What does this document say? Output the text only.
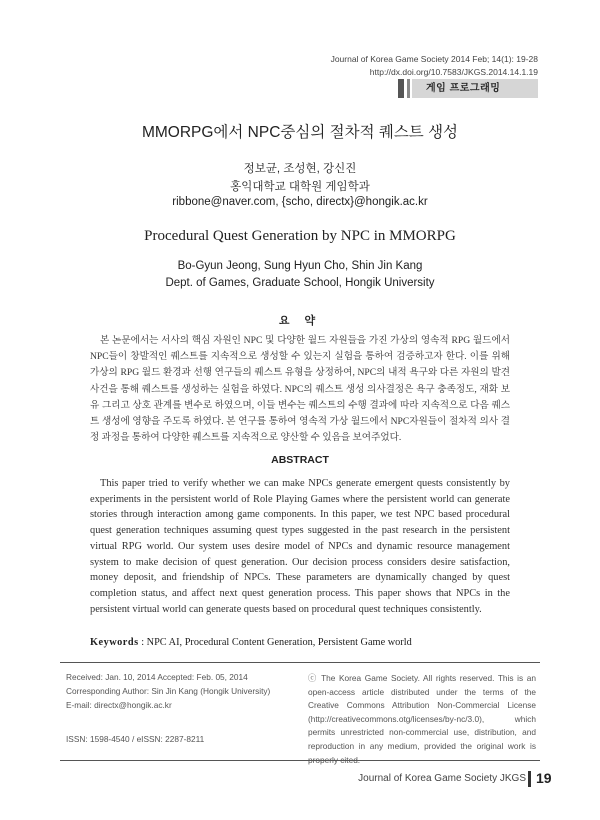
Journal of Korea Game Society 2014 Feb; 14(1): 19-28
http://dx.doi.org/10.7583/JKGS.2014.14.1.19
게임 프로그래밍
MMORPG에서 NPC중심의 절차적 퀘스트 생성
정보균, 조성현, 강신진
홍익대학교 대학원 게임학과
ribbone@naver.com, {scho, directx}@hongik.ac.kr
Procedural Quest Generation by NPC in MMORPG
Bo-Gyun Jeong, Sung Hyun Cho, Shin Jin Kang
Dept. of Games, Graduate School, Hongik University
요 약

본 논문에서는 서사의 핵심 자원인 NPC 및 다양한 월드 자원들을 가진 가상의 영속적 RPG 월드에서 NPC들이 창발적인 퀘스트를 지속적으로 생성할 수 있는지 실험을 통하여 검증하고자 한다. 이를 위해 가상의 RPG 월드 환경과 선행 연구들의 퀘스트 유형을 상정하여, NPC의 내적 욕구와 다른 자원의 발견 사건을 통해 퀘스트를 생성하는 실험을 하였다. NPC의 퀘스트 생성 의사결정은 욕구 충족정도, 재화 보유 그리고 상호 관계를 변수로 하였으며, 이들 변수는 퀘스트의 수행 결과에 따라 지속적으로 다음 퀘스트 생성에 영향을 주도록 하였다. 본 연구를 통하여 영속적 가상 월드에서 NPC자원들이 절차적 의사 결정 과정을 통하여 다양한 퀘스트를 지속적으로 양산할 수 있음을 보여주었다.

ABSTRACT

This paper tried to verify whether we can make NPCs generate emergent quests consistently by experiments in the persistent world of Role Playing Games where the persistent world can generate stories through interaction among game components. In this paper, we test NPC based procedural quest generation techniques assuming quest types suggested in the past research in the persistent virtual RPG world. Our system uses desire model of NPCs and dynamic resource management system to make decision of quest generation. Our decision process considers desire satisfaction, money deposit, and friendship of NPCs. These parameters are dynamically changed by quest completion status, and affect next quest generation process. This paper shows that NPCs in the persistent virtual world can generate quests based on procedural quest techniques consistently.

Keywords : NPC AI, Procedural Content Generation, Persistent Game world
Received: Jan. 10, 2014 Accepted: Feb. 05, 2014
Corresponding Author: Sin Jin Kang (Hongik University)
E-mail: directx@hongik.ac.kr
ISSN: 1598-4540 / eISSN: 2287-8211

ⓒ The Korea Game Society. All rights reserved. This is an open-access article distributed under the terms of the Creative Commons Attribution Non-Commercial License (http://creativecommons.otg/licenses/by-nc/3.0), which permits unrestricted non-commercial use, distribution, and reproduction in any medium, provided the original work is properly cited.

Journal of Korea Game Society JKGS 19
